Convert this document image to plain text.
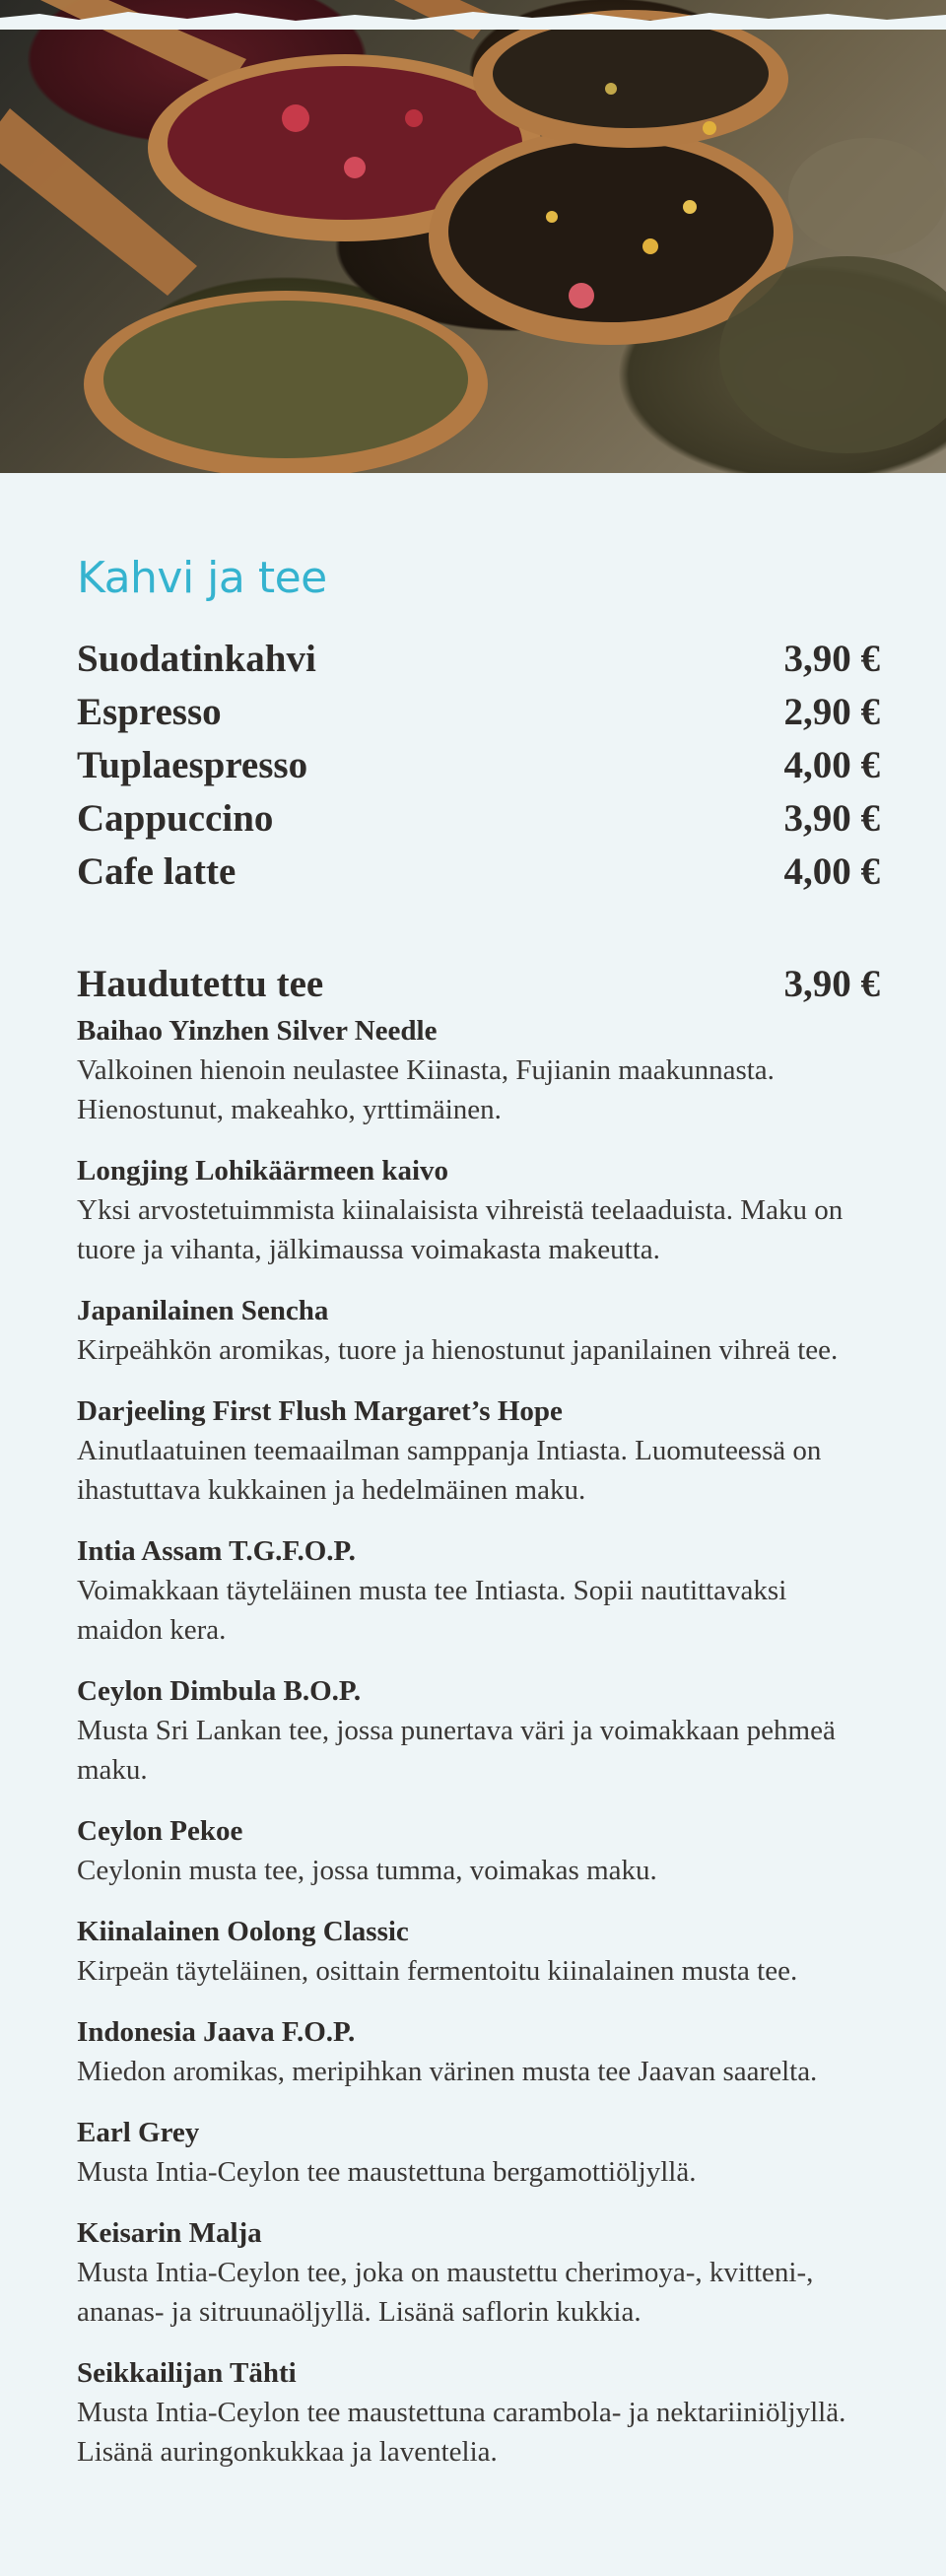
Kahvi ja tee
Suodatinkahvi	3,90 €
Espresso	2,90 €
Tuplaespresso	4,00 €
Cappuccino	3,90 €
Cafe latte	4,00 €
Haudutettu tee	3,90 €
Baihao Yinzhen Silver Needle
Valkoinen hienoin neulastee Kiinasta, Fujianin maakunnasta. Hienostunut, makeahko, yrttimäinen.
Longjing Lohikäärmeen kaivo
Yksi arvostetuimmista kiinalaisista vihreistä teelaaduista. Maku on tuore ja vihanta, jälkimaussa voimakasta makeutta.
Japanilainen Sencha
Kirpeähkön aromikas, tuore ja hienostunut japanilainen vihreä tee.
Darjeeling First Flush Margaret’s Hope
Ainutlaatuinen teemaailman samppanja Intiasta. Luomuteessä on ihastuttava kukkainen ja hedelmäinen maku.
Intia Assam T.G.F.O.P.
Voimakkaan täyteläinen musta tee Intiasta. Sopii nautittavaksi maidon kera.
Ceylon Dimbula B.O.P.
Musta Sri Lankan tee, jossa punertava väri ja voimakkaan pehmeä maku.
Ceylon Pekoe
Ceylonin musta tee, jossa tumma, voimakas maku.
Kiinalainen Oolong Classic
Kirpeän täyteläinen, osittain fermentoitu kiinalainen musta tee.
Indonesia Jaava F.O.P.
Miedon aromikas, meripihkan värinen musta tee Jaavan saarelta.
Earl Grey
Musta Intia-Ceylon tee maustettuna bergamottiöljyllä.
Keisarin Malja
Musta Intia-Ceylon tee, joka on maustettu cherimoya-, kvitteni-, ananas- ja sitruunaöljyllä. Lisänä saflorin kukkia.
Seikkailijan Tähti
Musta Intia-Ceylon tee maustettuna carambola- ja nektariiniöljyllä. Lisänä auringonkukkaa ja laventelia.
